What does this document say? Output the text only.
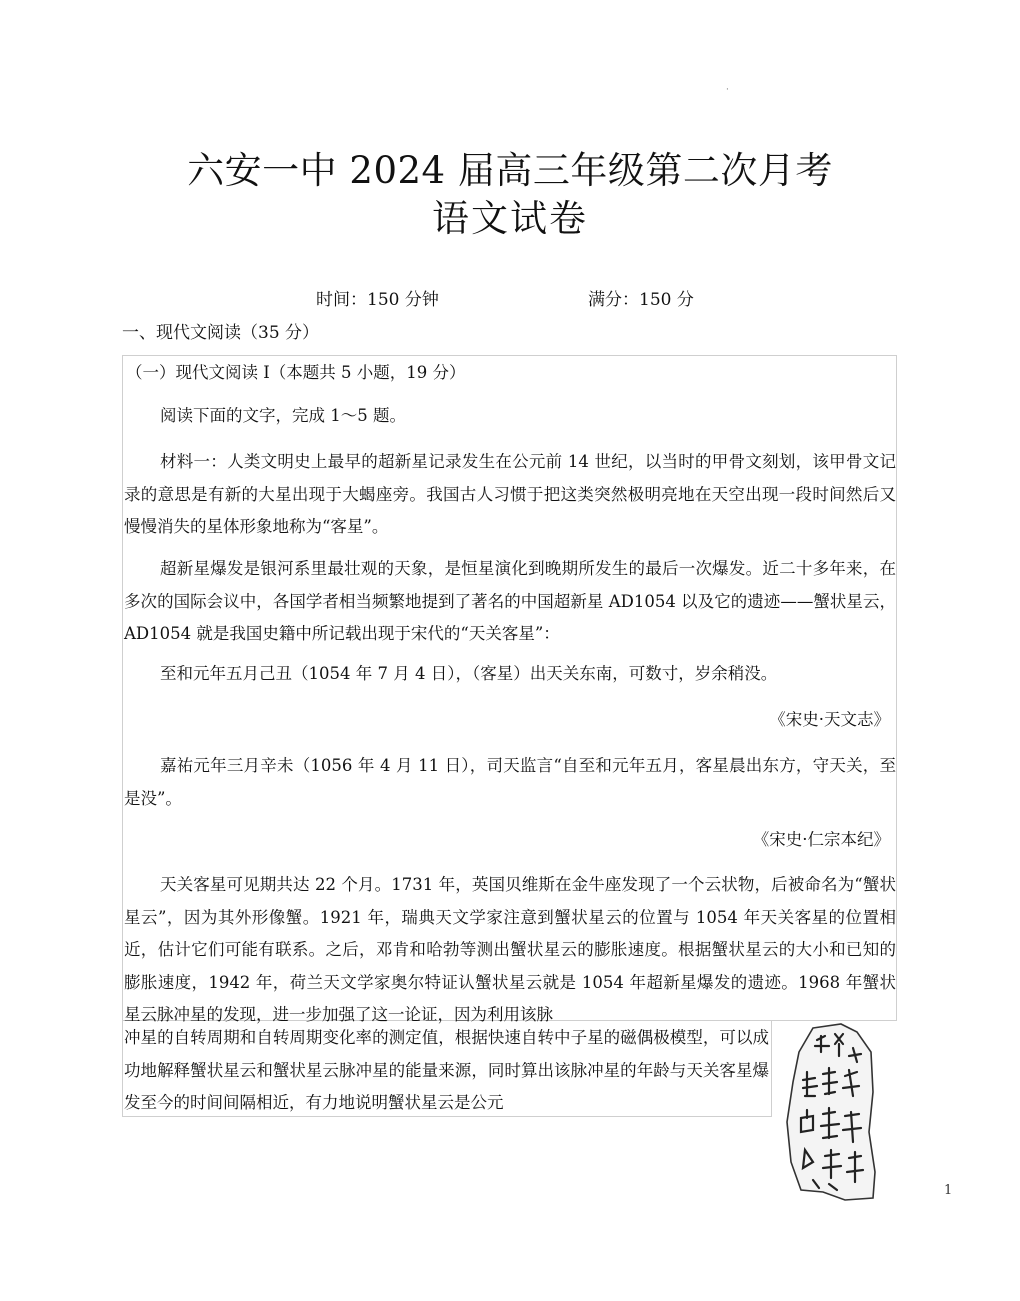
·
六安一中 2024 届高三年级第二次月考
语文试卷
时间：150 分钟	满分：150 分
一、现代文阅读（35 分）
（一）现代文阅读 I（本题共 5 小题，19 分）
阅读下面的文字，完成 1～5 题。
材料一：人类文明史上最早的超新星记录发生在公元前 14 世纪，以当时的甲骨文刻划，该甲骨文记录的意思是有新的大星出现于大蝎座旁。我国古人习惯于把这类突然极明亮地在天空出现一段时间然后又慢慢消失的星体形象地称为“客星”。
超新星爆发是银河系里最壮观的天象，是恒星演化到晚期所发生的最后一次爆发。近二十多年来，在多次的国际会议中，各国学者相当频繁地提到了著名的中国超新星 AD1054 以及它的遗迹——蟹状星云，AD1054 就是我国史籍中所记载出现于宋代的“天关客星”：
至和元年五月己丑（1054 年 7 月 4 日），（客星）出天关东南，可数寸，岁余稍没。
《宋史·天文志》
嘉祐元年三月辛未（1056 年 4 月 11 日），司天监言“自至和元年五月，客星晨出东方，守天关，至是没”。
《宋史·仁宗本纪》
天关客星可见期共达 22 个月。1731 年，英国贝维斯在金牛座发现了一个云状物，后被命名为“蟹状星云”，因为其外形像蟹。1921 年，瑞典天文学家注意到蟹状星云的位置与 1054 年天关客星的位置相近，估计它们可能有联系。之后，邓肯和哈勃等测出蟹状星云的膨胀速度。根据蟹状星云的大小和已知的膨胀速度，1942 年，荷兰天文学家奥尔特证认蟹状星云就是 1054 年超新星爆发的遗迹。1968 年蟹状星云脉冲星的发现，进一步加强了这一论证，因为利用该脉
冲星的自转周期和自转周期变化率的测定值，根据快速自转中子星的磁偶极模型，可以成功地解释蟹状星云和蟹状星云脉冲星的能量来源，同时算出该脉冲星的年龄与天关客星爆发至今的时间间隔相近，有力地说明蟹状星云是公元
1
